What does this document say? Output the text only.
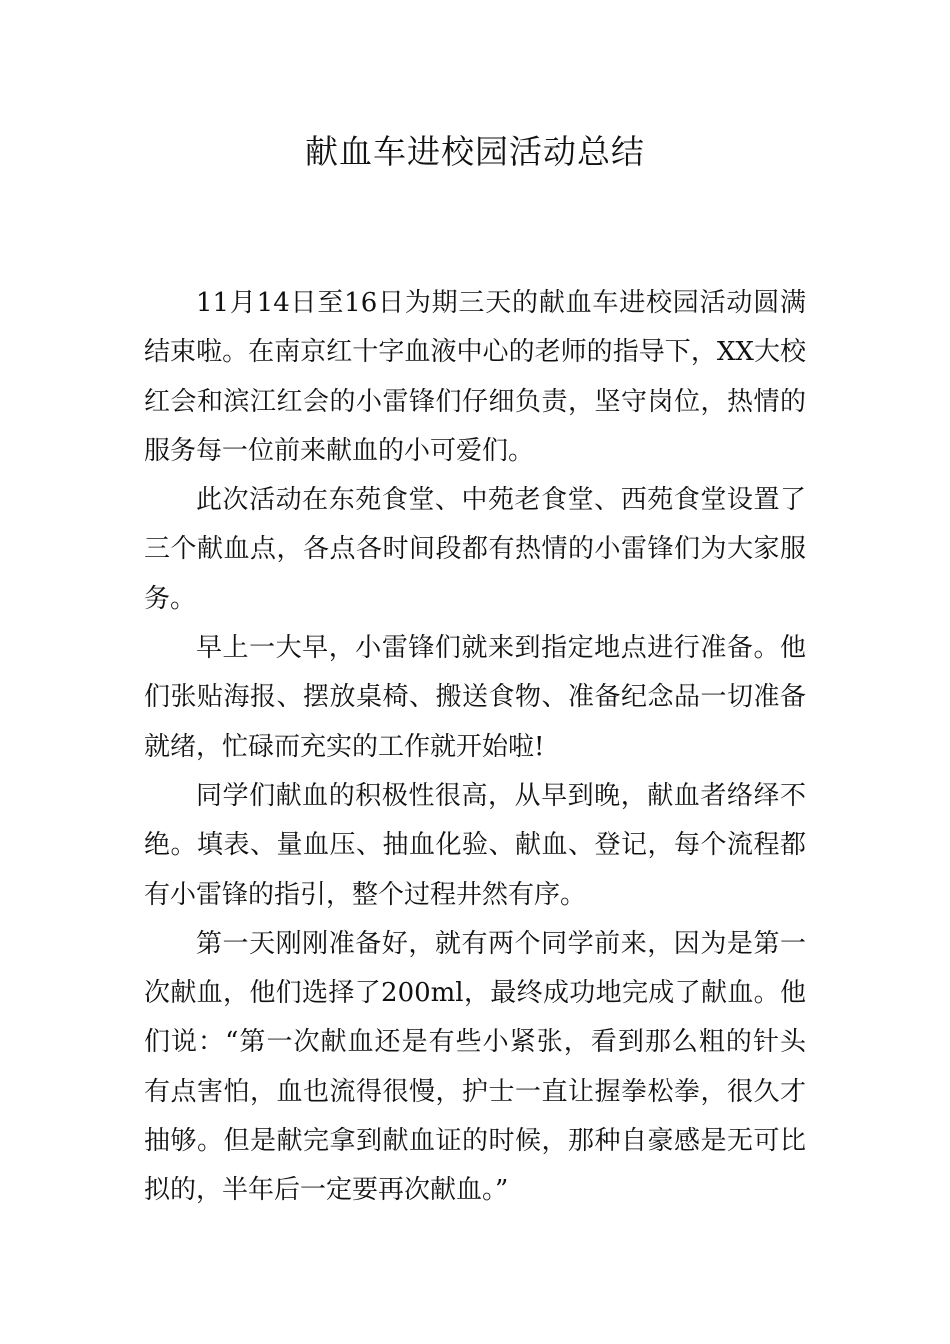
献血车进校园活动总结

11月14日至16日为期三天的献血车进校园活动圆满结束啦。在南京红十字血液中心的老师的指导下，XX大校红会和滨江红会的小雷锋们仔细负责，坚守岗位，热情的服务每一位前来献血的小可爱们。

此次活动在东苑食堂、中苑老食堂、西苑食堂设置了三个献血点，各点各时间段都有热情的小雷锋们为大家服务。

早上一大早，小雷锋们就来到指定地点进行准备。他们张贴海报、摆放桌椅、搬送食物、准备纪念品一切准备就绪，忙碌而充实的工作就开始啦!

同学们献血的积极性很高，从早到晚，献血者络绎不绝。填表、量血压、抽血化验、献血、登记，每个流程都有小雷锋的指引，整个过程井然有序。

第一天刚刚准备好，就有两个同学前来，因为是第一次献血，他们选择了200ml，最终成功地完成了献血。他们说：“第一次献血还是有些小紧张，看到那么粗的针头有点害怕，血也流得很慢，护士一直让握拳松拳，很久才抽够。但是献完拿到献血证的时候，那种自豪感是无可比拟的，半年后一定要再次献血。”
